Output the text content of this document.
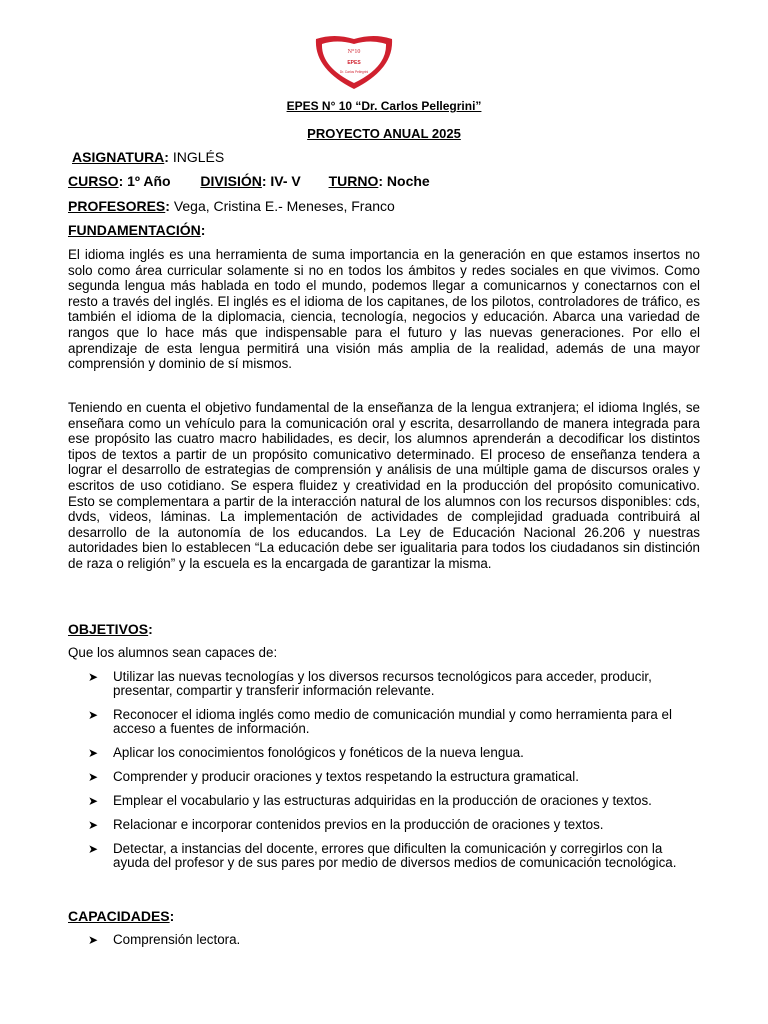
N°10
EPES
Dr. Carlos Pellegrini
EPES N° 10 “Dr. Carlos Pellegrini”
PROYECTO ANUAL 2025
ASIGNATURA: INGLÉS
CURSO: 1º Año DIVISIÓN: IV- V TURNO: Noche
PROFESORES: Vega, Cristina E.- Meneses, Franco
FUNDAMENTACIÓN:

El idioma inglés es una herramienta de suma importancia en la generación en que estamos insertos no solo como área curricular solamente si no en todos los ámbitos y redes sociales en que vivimos. Como segunda lengua más hablada en todo el mundo, podemos llegar a comunicarnos y conectarnos con el resto a través del inglés. El inglés es el idioma de los capitanes, de los pilotos, controladores de tráfico, es también el idioma de la diplomacia, ciencia, tecnología, negocios y educación. Abarca una variedad de rangos que lo hace más que indispensable para el futuro y las nuevas generaciones. Por ello el aprendizaje de esta lengua permitirá una visión más amplia de la realidad, además de una mayor comprensión y dominio de sí mismos.

Teniendo en cuenta el objetivo fundamental de la enseñanza de la lengua extranjera; el idioma Inglés, se enseñara como un vehículo para la comunicación oral y escrita, desarrollando de manera integrada para ese propósito las cuatro macro habilidades, es decir, los alumnos aprenderán a decodificar los distintos tipos de textos a partir de un propósito comunicativo determinado. El proceso de enseñanza tendera a lograr el desarrollo de estrategias de comprensión y análisis de una múltiple gama de discursos orales y escritos de uso cotidiano. Se espera fluidez y creatividad en la producción del propósito comunicativo. Esto se complementara a partir de la interacción natural de los alumnos con los recursos disponibles: cds, dvds, videos, láminas. La implementación de actividades de complejidad graduada contribuirá al desarrollo de la autonomía de los educandos. La Ley de Educación Nacional 26.206 y nuestras autoridades bien lo establecen “La educación debe ser igualitaria para todos los ciudadanos sin distinción de raza o religión” y la escuela es la encargada de garantizar la misma.

OBJETIVOS:
Que los alumnos sean capaces de:
➤ Utilizar las nuevas tecnologías y los diversos recursos tecnológicos para acceder, producir, presentar, compartir y transferir información relevante.
➤ Reconocer el idioma inglés como medio de comunicación mundial y como herramienta para el acceso a fuentes de información.
➤ Aplicar los conocimientos fonológicos y fonéticos de la nueva lengua.
➤ Comprender y producir oraciones y textos respetando la estructura gramatical.
➤ Emplear el vocabulario y las estructuras adquiridas en la producción de oraciones y textos.
➤ Relacionar e incorporar contenidos previos en la producción de oraciones y textos.
➤ Detectar, a instancias del docente, errores que dificulten la comunicación y corregirlos con la ayuda del profesor y de sus pares por medio de diversos medios de comunicación tecnológica.
CAPACIDADES:
➤ Comprensión lectora.
